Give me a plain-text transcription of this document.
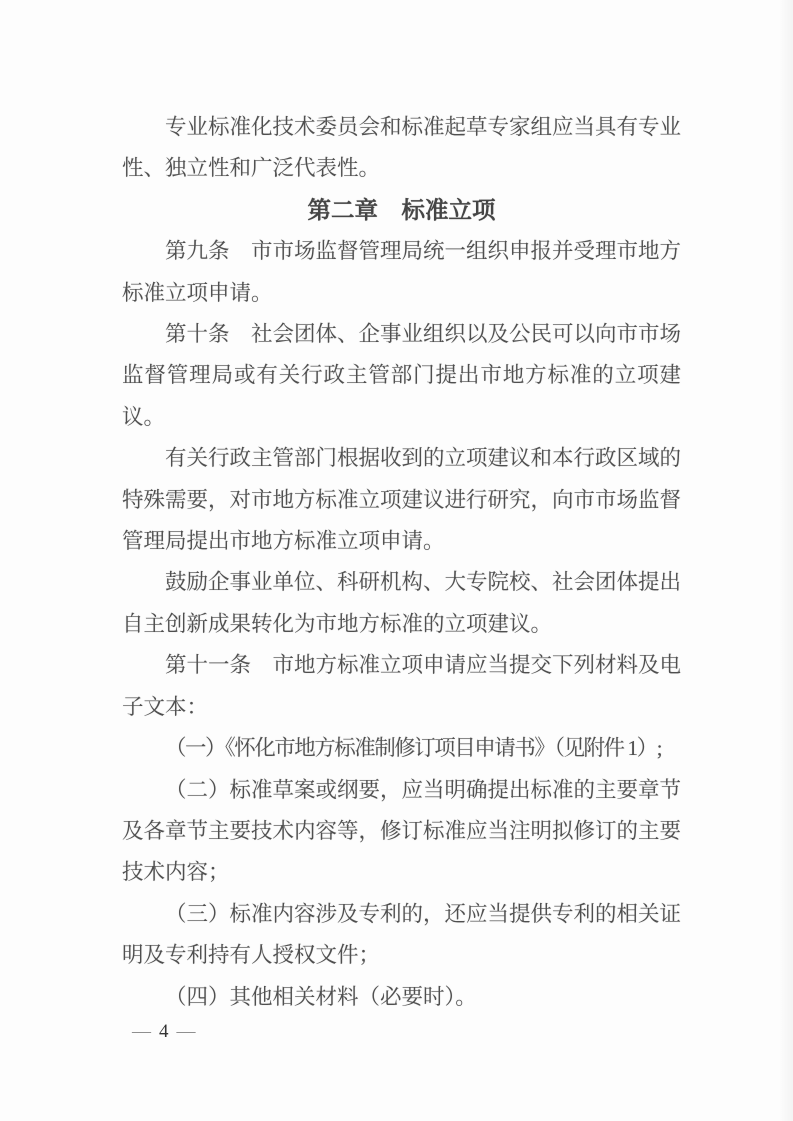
专业标准化技术委员会和标准起草专家组应当具有专业性、独立性和广泛代表性。

第二章　标准立项

第九条　市市场监督管理局统一组织申报并受理市地方标准立项申请。

第十条　社会团体、企事业组织以及公民可以向市市场监督管理局或有关行政主管部门提出市地方标准的立项建议。

有关行政主管部门根据收到的立项建议和本行政区域的特殊需要，对市地方标准立项建议进行研究，向市市场监督管理局提出市地方标准立项申请。

鼓励企事业单位、科研机构、大专院校、社会团体提出自主创新成果转化为市地方标准的立项建议。

第十一条　市地方标准立项申请应当提交下列材料及电子文本：

（一）《怀化市地方标准制修订项目申请书》（见附件 1）;

（二）标准草案或纲要，应当明确提出标准的主要章节及各章节主要技术内容等，修订标准应当注明拟修订的主要技术内容；

（三）标准内容涉及专利的，还应当提供专利的相关证明及专利持有人授权文件；

（四）其他相关材料（必要时）。

— 4 —
